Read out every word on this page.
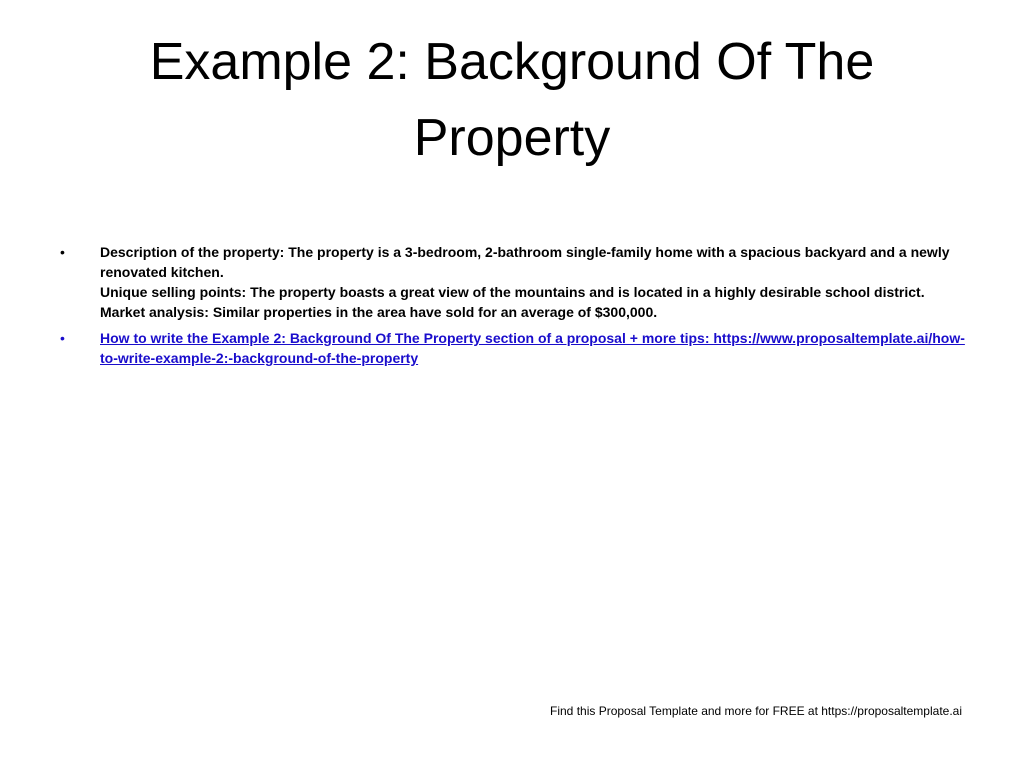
Example 2: Background Of The Property
•	Description of the property: The property is a 3-bedroom, 2-bathroom single-family home with a spacious backyard and a newly renovated kitchen.
Unique selling points: The property boasts a great view of the mountains and is located in a highly desirable school district.
Market analysis: Similar properties in the area have sold for an average of $300,000.
•	How to write the Example 2: Background Of The Property section of a proposal + more tips: https://www.proposaltemplate.ai/how-to-write-example-2:-background-of-the-property
Find this Proposal Template and more for FREE at https://proposaltemplate.ai
